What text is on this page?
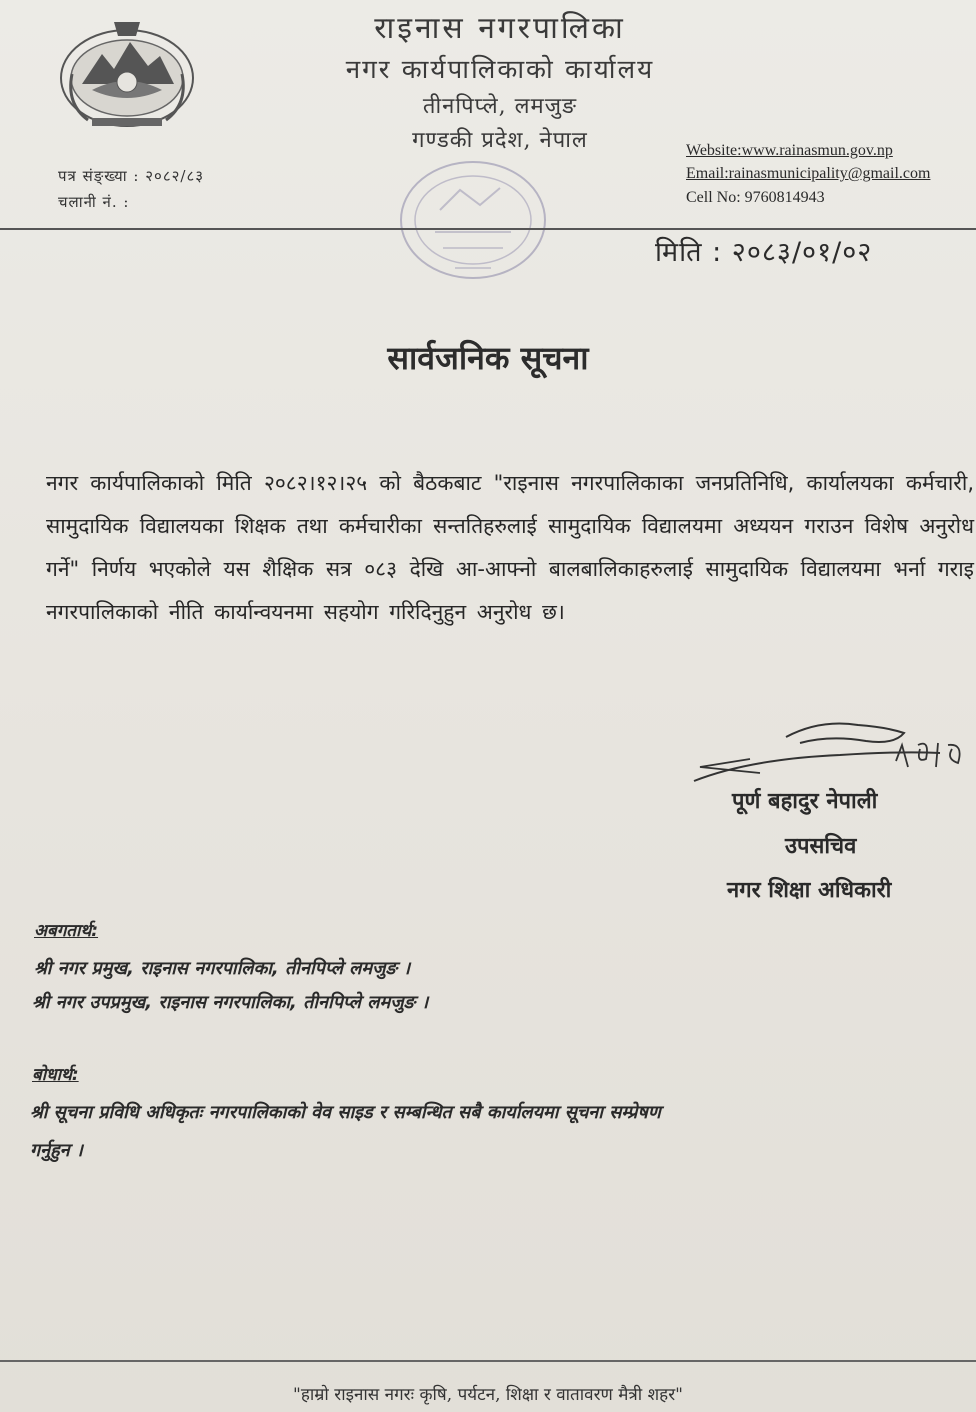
राइनास नगरपालिका
नगर कार्यपालिकाको कार्यालय
तीनपिप्ले, लमजुङ
गण्डकी प्रदेश, नेपाल	Website:www.rainasmun.gov.np
Email:rainasmunicipality@gmail.com
Cell No: 9760814943
पत्र संङ्ख्या : २०८२/८३
चलानी नं. :
मिति : २०८३/०१/०२
सार्वजनिक सूचना
नगर कार्यपालिकाको मिति २०८२।१२।२५ को बैठकबाट "राइनास नगरपालिकाका जनप्रतिनिधि, कार्यालयका कर्मचारी, सामुदायिक विद्यालयका शिक्षक तथा कर्मचारीका सन्ततिहरुलाई सामुदायिक विद्यालयमा अध्ययन गराउन विशेष अनुरोध गर्ने" निर्णय भएकोले यस शैक्षिक सत्र ०८३ देखि आ-आफ्नो बालबालिकाहरुलाई सामुदायिक विद्यालयमा भर्ना गराइ नगरपालिकाको नीति कार्यान्वयनमा सहयोग गरिदिनुहुन अनुरोध छ।
पूर्ण बहादुर नेपाली
उपसचिव
नगर शिक्षा अधिकारी
अबगतार्थ:
श्री नगर प्रमुख, राइनास नगरपालिका, तीनपिप्ले लमजुङ ।
श्री नगर उपप्रमुख, राइनास नगरपालिका, तीनपिप्ले लमजुङ ।
बोधार्थ:
श्री सूचना प्रविधि अधिकृतः नगरपालिकाको वेव साइड र सम्बन्धित सबै कार्यालयमा सूचना सम्प्रेषण
गर्नुहुन ।
"हाम्रो राइनास नगरः कृषि, पर्यटन, शिक्षा र वातावरण मैत्री शहर"
